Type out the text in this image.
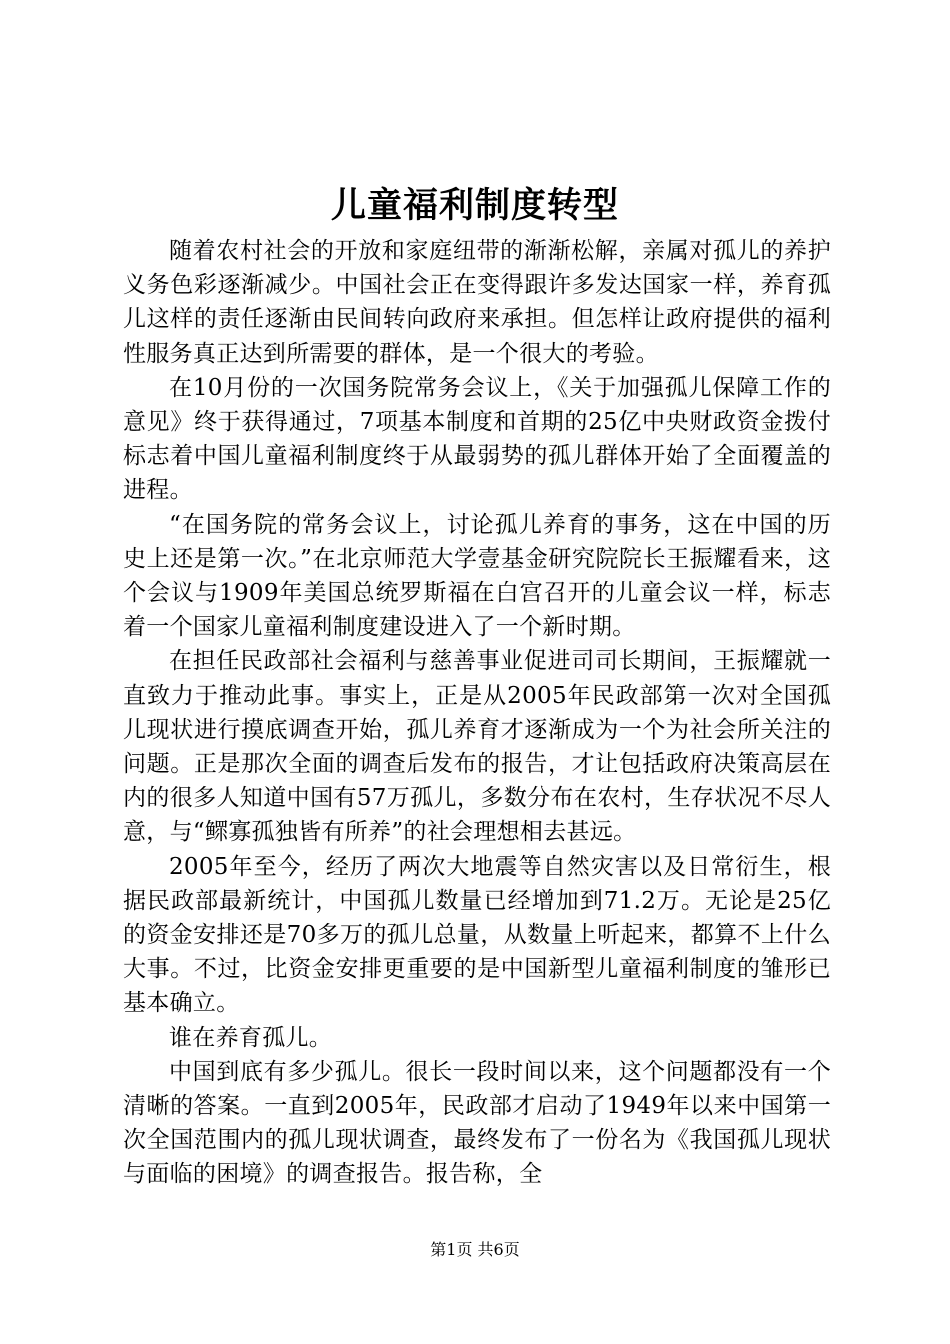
儿童福利制度转型

随着农村社会的开放和家庭纽带的渐渐松解，亲属对孤儿的养护义务色彩逐渐减少。中国社会正在变得跟许多发达国家一样，养育孤儿这样的责任逐渐由民间转向政府来承担。但怎样让政府提供的福利性服务真正达到所需要的群体，是一个很大的考验。

在10月份的一次国务院常务会议上，《关于加强孤儿保障工作的意见》终于获得通过，7项基本制度和首期的25亿中央财政资金拨付标志着中国儿童福利制度终于从最弱势的孤儿群体开始了全面覆盖的进程。

“在国务院的常务会议上，讨论孤儿养育的事务，这在中国的历史上还是第一次。”在北京师范大学壹基金研究院院长王振耀看来，这个会议与1909年美国总统罗斯福在白宫召开的儿童会议一样，标志着一个国家儿童福利制度建设进入了一个新时期。

在担任民政部社会福利与慈善事业促进司司长期间，王振耀就一直致力于推动此事。事实上，正是从2005年民政部第一次对全国孤儿现状进行摸底调查开始，孤儿养育才逐渐成为一个为社会所关注的问题。正是那次全面的调查后发布的报告，才让包括政府决策高层在内的很多人知道中国有57万孤儿，多数分布在农村，生存状况不尽人意，与“鳏寡孤独皆有所养”的社会理想相去甚远。

2005年至今，经历了两次大地震等自然灾害以及日常衍生，根据民政部最新统计，中国孤儿数量已经增加到71.2万。无论是25亿的资金安排还是70多万的孤儿总量，从数量上听起来，都算不上什么大事。不过，比资金安排更重要的是中国新型儿童福利制度的雏形已基本确立。

谁在养育孤儿。

中国到底有多少孤儿。很长一段时间以来，这个问题都没有一个清晰的答案。一直到2005年，民政部才启动了1949年以来中国第一次全国范围内的孤儿现状调查，最终发布了一份名为《我国孤儿现状与面临的困境》的调查报告。报告称，全

第1页 共6页
